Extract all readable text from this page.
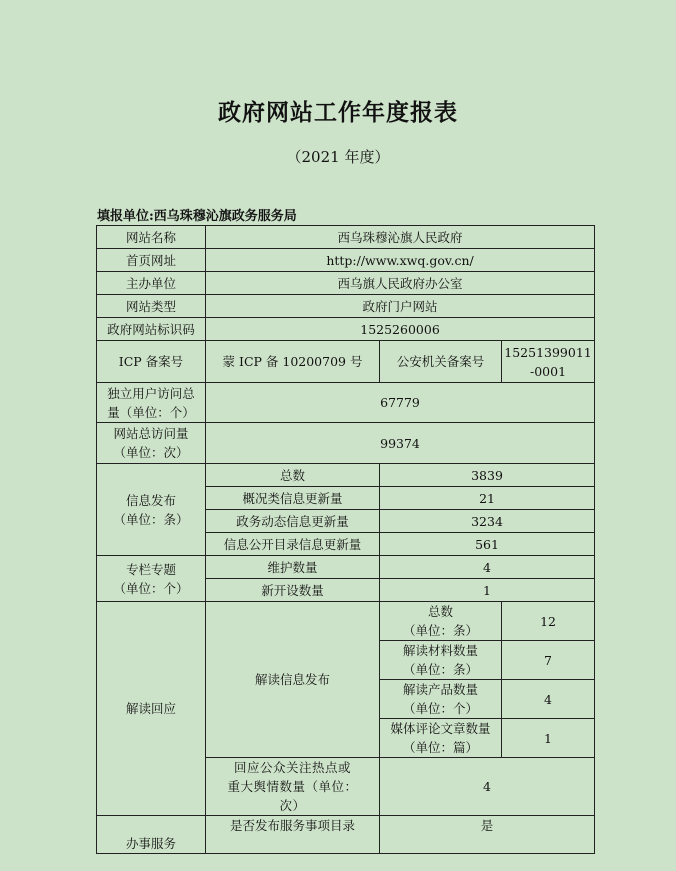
政府网站工作年度报表
（2021 年度）
填报单位:西乌珠穆沁旗政务服务局
网站名称	西乌珠穆沁旗人民政府		
首页网址	http://www.xwq.gov.cn/		
主办单位	西乌旗人民政府办公室		
网站类型	政府门户网站		
政府网站标识码	1525260006		
ICP 备案号	蒙 ICP 备 10200709 号	公安机关备案号	15251399011
-0001

独立用户访问总
量（单位：个）	67779		

网站总访问量
（单位：次）	99374		

信息发布
（单位：条）	总数	3839	
	概况类信息更新量	21	
	政务动态信息更新量	3234	
	信息公开目录信息更新量	561	

专栏专题
（单位：个）	维护数量	4	
	新开设数量	1	
解读回应	解读信息发布	总数
（单位：条）	12

		解读材料数量
（单位：条）	7

		解读产品数量
（单位：个）	4

		媒体评论文章数量
（单位：篇）	1

	回应公众关注热点或
重大舆情数量（单位：
次）	4	
办事服务	是否发布服务事项目录	是	
